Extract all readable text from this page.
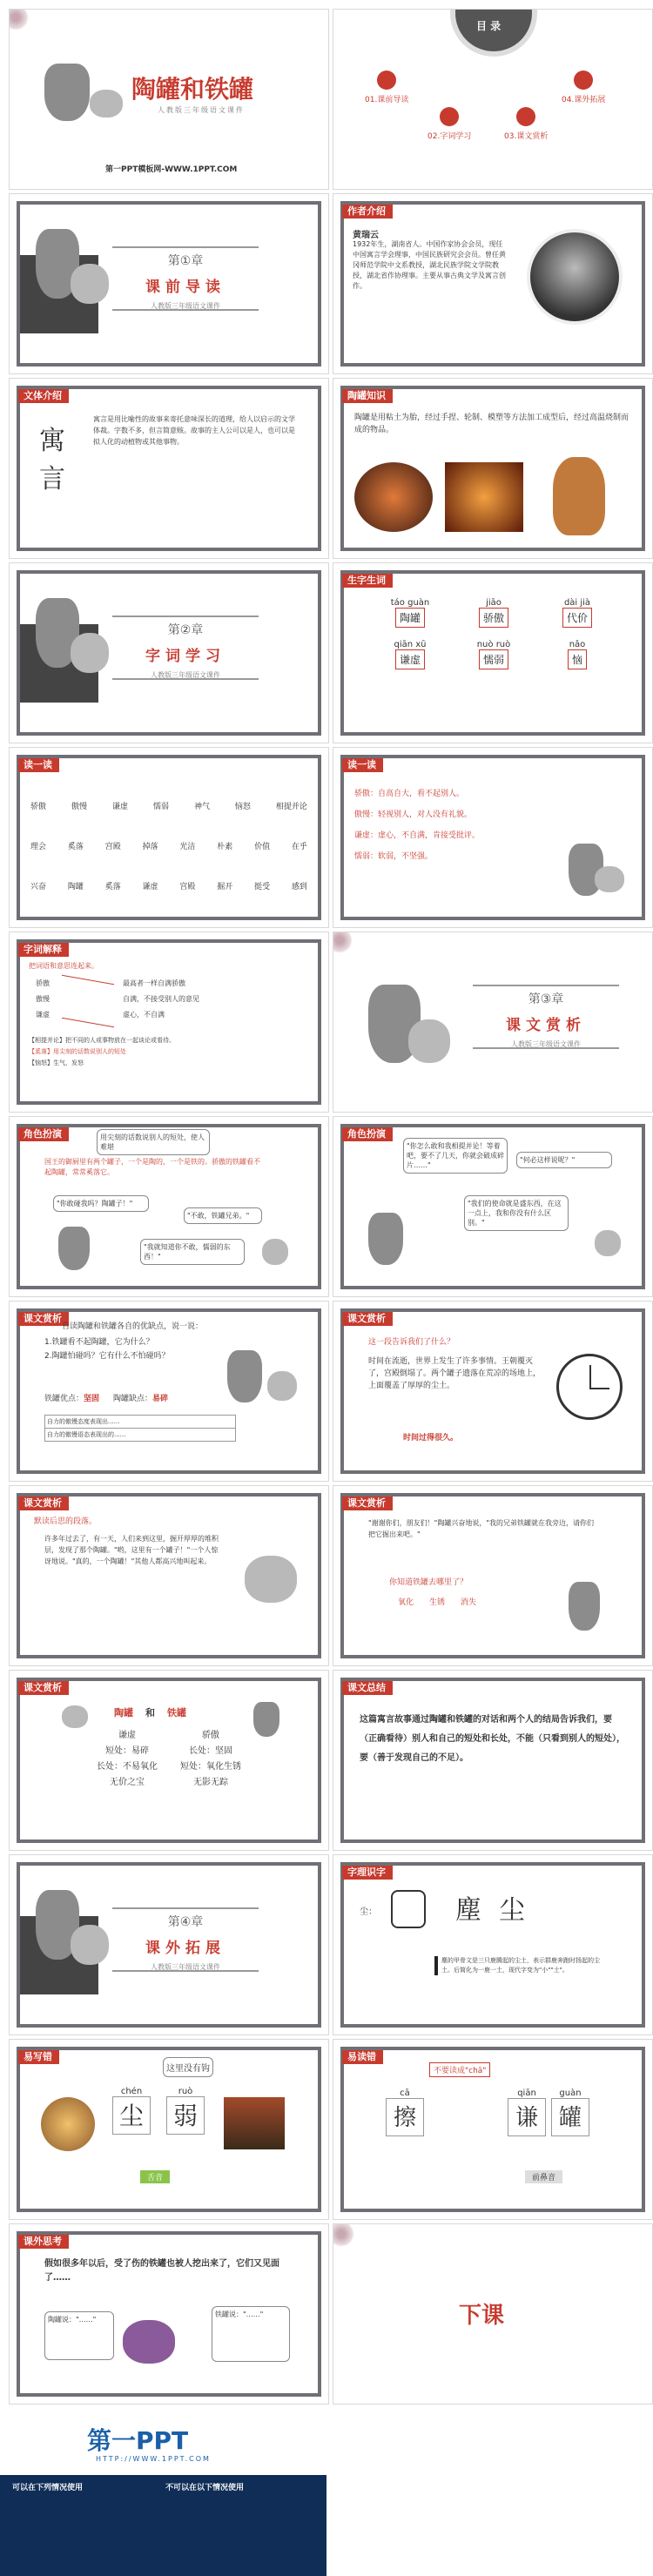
陶罐和铁罐
人教版三年级语文课件
第一PPT模板网-WWW.1PPT.COM
目 录
01.课前导读
02.字词学习	03.课文赏析
04.课外拓展
第①章
课前导读
人教版三年级语文课件
作者介绍
黄瑞云
1932年生，湖南省人。中国作家协会会员，现任中国寓言学会理事，中国民族研究会会员。曾任黄冈师范学院中文系教授，湖北民族学院文学院教授，湖北省作协理事。主要从事古典文学及寓言创作。
文体介绍
寓言
寓言是用比喻性的故事来寄托意味深长的道理，给人以启示的文学体裁。字数不多，但言简意赅。故事的主人公可以是人，也可以是拟人化的动植物或其他事物。
陶罐知识
陶罐是用粘土为胎，经过手捏、轮制、模塑等方法加工成型后，经过高温烧制而成的物品。
第②章
字词学习
人教版三年级语文课件
生字生词
táo guàn
陶罐
jiāo
骄傲
dài jià
代价
qiān xū
谦虚
nuò ruò
懦弱
nǎo
恼
读一读
骄傲	傲慢	谦虚	懦弱	神气	恼怒	相提并论
理会	奚落	宫殿	掉落	光洁	朴素	价值	在乎
兴奋	陶罐	奚落	谦虚	宫殿	掘开	挺受	感到
读一读
骄傲：自高自大，看不起别人。
傲慢：轻视别人，对人没有礼貌。
谦虚：虚心，不自满，肯接受批评。
懦弱：软弱，不坚强。
字词解释
把词语和意思连起来。
骄傲
傲慢
谦虚
最高者一样自满骄傲
自满，不接受别人的意见
虚心，不自满
【相提并论】把不同的人或事物放在一起谈论或看待。
【奚落】用尖刻的话数说别人的短处
【恼怒】生气，发怒
第③章
课文赏析
人教版三年级语文课件
角色扮演	用尖刻的话数说别人的短处，使人难堪
国王的御厨里有两个罐子，一个是陶的，一个是铁的。骄傲的铁罐看不起陶罐，常常奚落它。
"你敢碰我吗？陶罐子！"
"不敢，铁罐兄弟。"
"我就知道你不敢，懦弱的东西！"
角色扮演
"你怎么敢和我相提并论！等着吧，要不了几天，你就会破成碎片……"
"何必这样说呢？"
"我们的使命就是盛东西，在这一点上，我和你没有什么区别。"
课文赏析
自读陶罐和铁罐各自的优缺点，说一说：
1.铁罐看不起陶罐，它为什么？
2.陶罐怕碰吗？它有什么不怕碰吗？
铁罐优点：坚固 陶罐缺点：易碎
自力的傲慢态度表现出......
自力的傲慢语态表现出的......
课文赏析
这一段告诉我们了什么？
时间在流逝，世界上发生了许多事情。王朝覆灭了，宫殿倒塌了。两个罐子遗落在荒凉的场地上，上面覆盖了厚厚的尘土。
时间过得很久。
课文赏析
默读后思的段落。
许多年过去了，有一天，人们来到这里，掘开厚厚的堆积层，发现了那个陶罐。"哟，这里有一个罐子！"一个人惊讶地说。"真的，一个陶罐！"其他人都高兴地叫起来。
课文赏析
"谢谢你们，朋友们！"陶罐兴奋地说，"我的兄弟铁罐就在我旁边，请你们把它掘出来吧。"
你知道铁罐去哪里了？
氧化 生锈 消失
课文赏析
陶罐 和 铁罐
谦虚
短处：易碎
长处：不易氧化
无价之宝
骄傲
长处：坚固
短处：氧化生锈
无影无踪
课文总结
这篇寓言故事通过陶罐和铁罐的对话和两个人的结局告诉我们，要（正确看待）别人和自己的短处和长处，不能（只看到别人的短处），要（善于发现自己的不足）。
第④章
课外拓展
人教版三年级语文课件
字理识字
尘：	塵 尘
塵的甲骨文是三只鹿腾起的尘土，表示群鹿奔跑时扬起的尘土。后简化为一鹿一土，现代字变为"小""土"。
易写错
这里没有钩
chén
尘
ruò
弱
舌音
易读错
不要读成"chā"
cā
擦
qiān
谦
guàn
罐
前鼻音
课外思考
假如很多年以后，受了伤的铁罐也被人挖出来了，它们又见面了……
陶罐说："……"
铁罐说："……"	下课
第一PPT
HTTP://WWW.1PPT.COM
可以在下列情况使用	不可以在以下情况使用
